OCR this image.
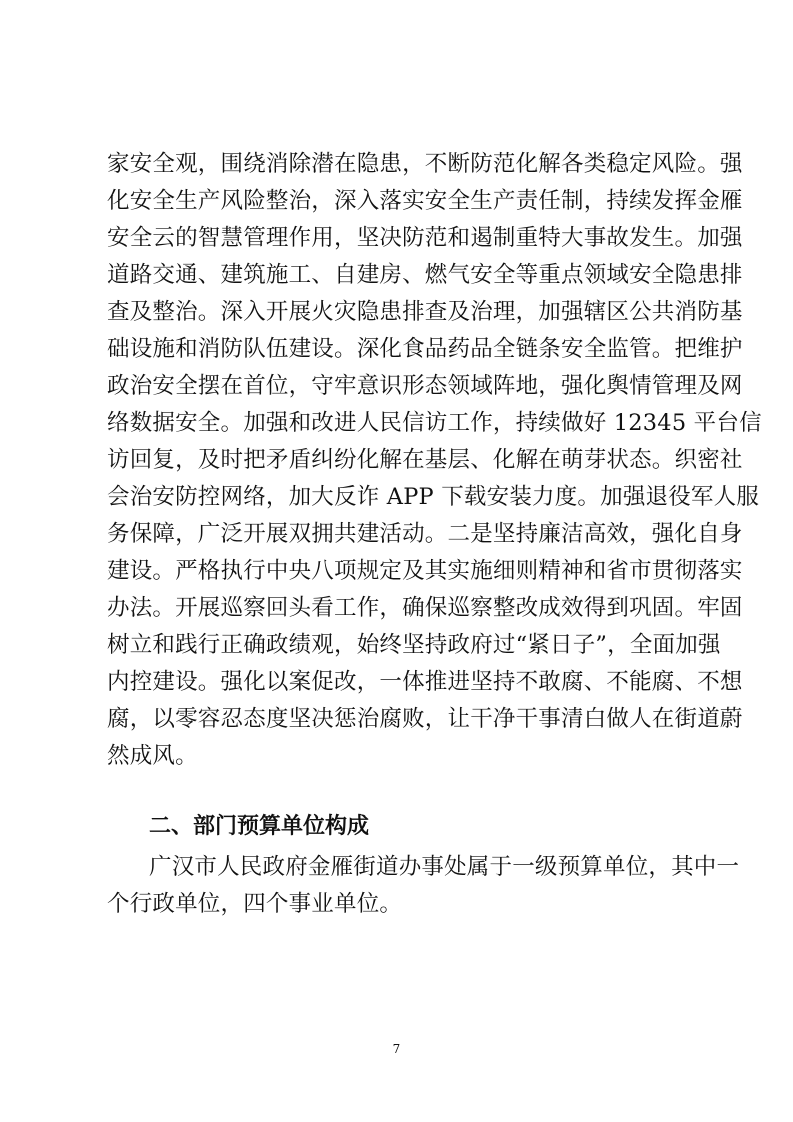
家安全观，围绕消除潜在隐患，不断防范化解各类稳定风险。强
化安全生产风险整治，深入落实安全生产责任制，持续发挥金雁
安全云的智慧管理作用，坚决防范和遏制重特大事故发生。加强
道路交通、建筑施工、自建房、燃气安全等重点领域安全隐患排
查及整治。深入开展火灾隐患排查及治理，加强辖区公共消防基
础设施和消防队伍建设。深化食品药品全链条安全监管。把维护
政治安全摆在首位，守牢意识形态领域阵地，强化舆情管理及网
络数据安全。加强和改进人民信访工作，持续做好 12345 平台信
访回复，及时把矛盾纠纷化解在基层、化解在萌芽状态。织密社
会治安防控网络，加大反诈 APP 下载安装力度。加强退役军人服
务保障，广泛开展双拥共建活动。二是坚持廉洁高效，强化自身
建设。严格执行中央八项规定及其实施细则精神和省市贯彻落实
办法。开展巡察回头看工作，确保巡察整改成效得到巩固。牢固
树立和践行正确政绩观，始终坚持政府过“紧日子”，全面加强
内控建设。强化以案促改，一体推进坚持不敢腐、不能腐、不想
腐，以零容忍态度坚决惩治腐败，让干净干事清白做人在街道蔚
然成风。
二、部门预算单位构成
广汉市人民政府金雁街道办事处属于一级预算单位，其中一
个行政单位，四个事业单位。
7
